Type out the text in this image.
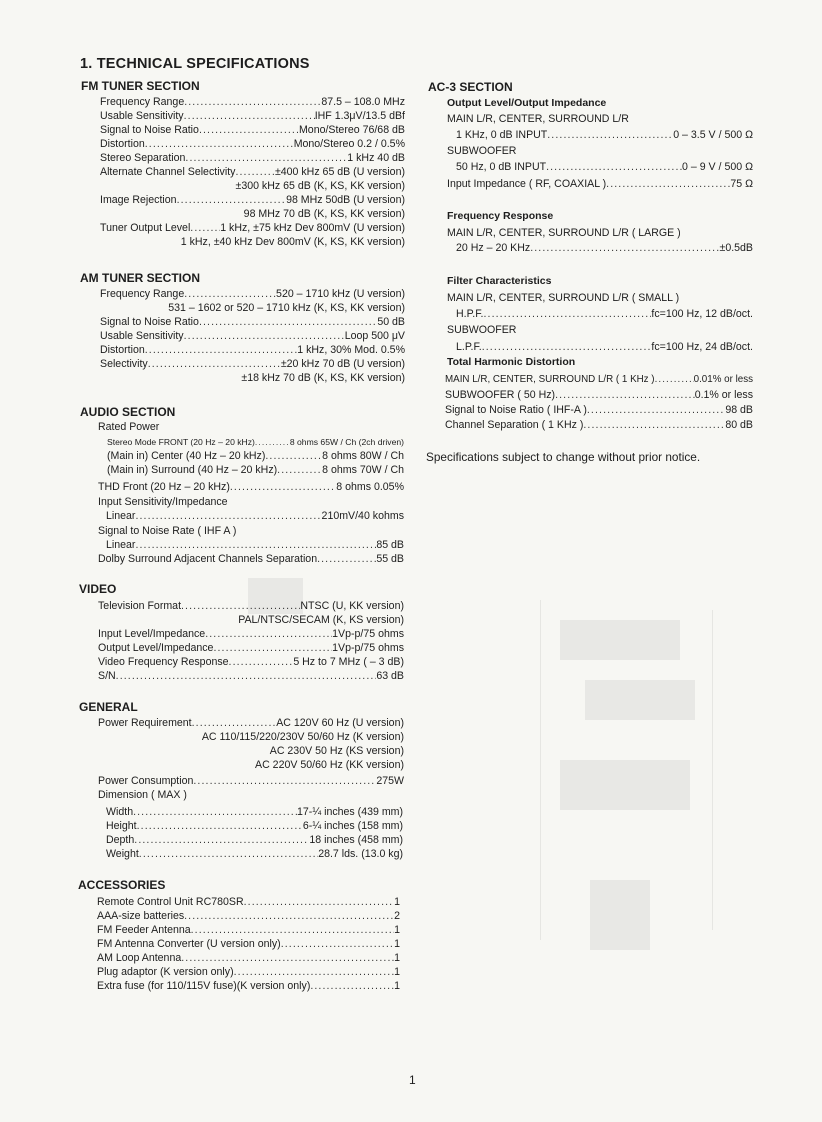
1. TECHNICAL SPECIFICATIONS
FM TUNER SECTION
Frequency Range .....	87.5 – 108.0 MHz
Usable Sensitivity .....	IHF 1.3μV/13.5 dBf
Signal to Noise Ratio .....	Mono/Stereo 76/68 dB
Distortion .....	Mono/Stereo 0.2 / 0.5%
Stereo Separation .....	1 kHz 40 dB
Alternate Channel Selectivity .....	±400 kHz 65 dB (U version)
±300 kHz 65 dB (K, KS, KK version)
Image Rejection .....	98 MHz 50dB (U version)
98 MHz 70 dB (K, KS, KK version)
Tuner Output Level .....	1 kHz, ±75 kHz Dev 800mV (U version)
1 kHz, ±40 kHz Dev 800mV (K, KS, KK version)
AM TUNER SECTION
Frequency Range .....	520 – 1710 kHz (U version)
531 – 1602 or 520 – 1710 kHz (K, KS, KK version)
Signal to Noise Ratio .....	50 dB
Usable Sensitivity .....	Loop 500 μV
Distortion .....	1 kHz, 30% Mod. 0.5%
Selectivity .....	±20 kHz 70 dB (U version)
±18 kHz 70 dB (K, KS, KK version)
AUDIO SECTION
Rated Power
Stereo Mode FRONT (20 Hz – 20 kHz) .....	8 ohms 65W / Ch (2ch driven)
(Main in) Center (40 Hz – 20 kHz) .....	8 ohms 80W / Ch
(Main in) Surround (40 Hz – 20 kHz) .....	8 ohms 70W / Ch
THD Front (20 Hz – 20 kHz) .....	8 ohms 0.05%
Input Sensitivity/Impedance
Linear .....	210mV/40 kohms
Signal to Noise Rate ( IHF A )
Linear .....	85 dB
Dolby Surround Adjacent Channels Separation .....	55 dB
VIDEO
Television Format .....	NTSC (U, KK version)
PAL/NTSC/SECAM (K, KS version)
Input Level/Impedance .....	1Vp-p/75 ohms
Output Level/Impedance .....	1Vp-p/75 ohms
Video Frequency Response .....	5 Hz to 7 MHz ( – 3 dB)
S/N .....	63 dB
GENERAL
Power Requirement .....	AC 120V 60 Hz (U version)
AC 110/115/220/230V 50/60 Hz (K version)
AC 230V 50 Hz (KS version)
AC 220V 50/60 Hz (KK version)
Power Consumption .....	275W
Dimension ( MAX )
Width .....	17-¼ inches (439 mm)
Height .....	6-¼ inches (158 mm)
Depth .....	18 inches (458 mm)
Weight .....	28.7 lds. (13.0 kg)
ACCESSORIES
Remote Control Unit RC780SR .....	1
AAA-size batteries .....	2
FM Feeder Antenna .....	1
FM Antenna Converter (U version only) .....	1
AM Loop Antenna .....	1
Plug adaptor (K version only) .....	1
Extra fuse (for 110/115V fuse)(K version only) .....	1
AC-3 SECTION
Output Level/Output Impedance
MAIN L/R, CENTER, SURROUND L/R
1 KHz, 0 dB INPUT .....	0 – 3.5 V / 500 Ω
SUBWOOFER
50 Hz, 0 dB INPUT .....	0 – 9 V / 500 Ω
Input Impedance ( RF, COAXIAL ) .....	75 Ω
Frequency Response
MAIN L/R, CENTER, SURROUND L/R ( LARGE )
20 Hz – 20 KHz .....	±0.5dB
Filter Characteristics
MAIN L/R, CENTER, SURROUND L/R ( SMALL )
H.P.F. .....	fc=100 Hz, 12 dB/oct.
SUBWOOFER
L.P.F. .....	fc=100 Hz, 24 dB/oct.
Total Harmonic Distortion
MAIN L/R, CENTER, SURROUND L/R ( 1 KHz ) .....	0.01% or less
SUBWOOFER ( 50 Hz) .....	0.1% or less
Signal to Noise Ratio ( IHF-A ) .....	98 dB
Channel Separation ( 1 KHz ) .....	80 dB
Specifications subject to change without prior notice.
1
